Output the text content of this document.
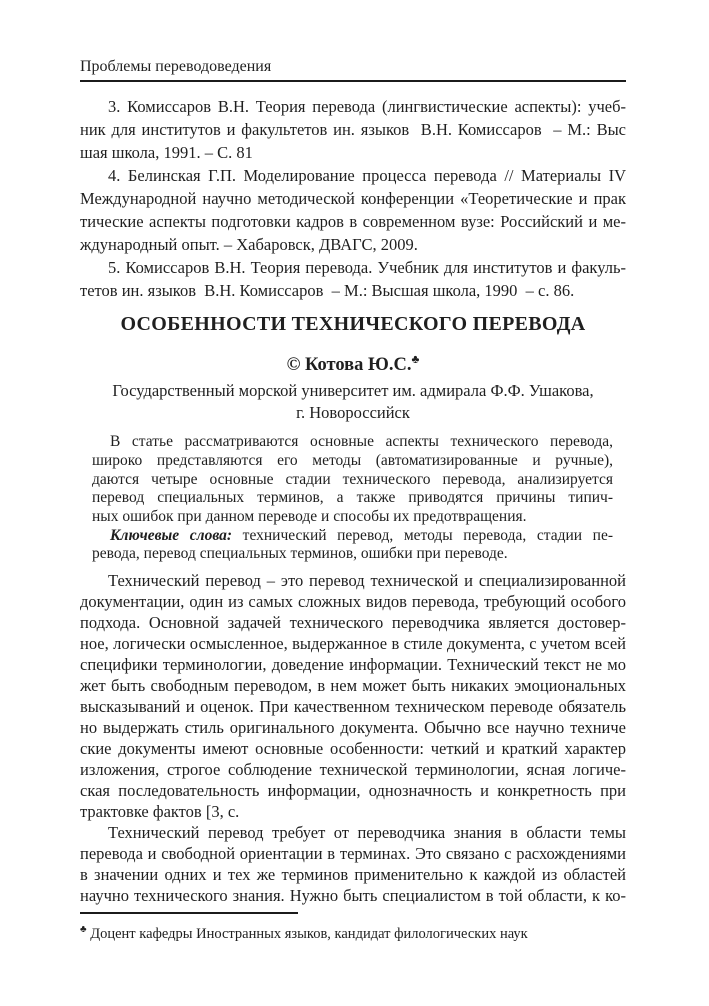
Проблемы переводоведения
3. Комиссаров В.Н. Теория перевода (лингвистические аспекты): учеб-
ник для институтов и факультетов ин. языков  В.Н. Комиссаров  – М.: Выс
шая школа, 1991. – С. 81
4. Белинская Г.П. Моделирование процесса перевода // Материалы IV
Международной научно методической конференции «Теоретические и прак
тические аспекты подготовки кадров в современном вузе: Российский и ме-
ждународный опыт. – Хабаровск, ДВАГС, 2009.
5. Комиссаров В.Н. Теория перевода. Учебник для институтов и факуль-
тетов ин. языков  В.Н. Комиссаров  – М.: Высшая школа, 1990  – с. 86.
ОСОБЕННОСТИ ТЕХНИЧЕСКОГО ПЕРЕВОДА
© Котова Ю.С.♣
Государственный морской университет им. адмирала Ф.Ф. Ушакова,
г. Новороссийск
В статье рассматриваются основные аспекты технического перевода,
широко представляются его методы (автоматизированные и ручные),
даются четыре основные стадии технического перевода, анализируется
перевод специальных терминов, а также приводятся причины типич-
ных ошибок при данном переводе и способы их предотвращения.
Ключевые слова: технический перевод, методы перевода, стадии пе-
ревода, перевод специальных терминов, ошибки при переводе.
Технический перевод – это перевод технической и специализированной
документации, один из самых сложных видов перевода, требующий особого
подхода. Основной задачей технического переводчика является достовер-
ное, логически осмысленное, выдержанное в стиле документа, с учетом всей
специфики терминологии, доведение информации. Технический текст не мо
жет быть свободным переводом, в нем может быть никаких эмоциональных
высказываний и оценок. При качественном техническом переводе обязатель
но выдержать стиль оригинального документа. Обычно все научно техниче
ские документы имеют основные особенности: четкий и краткий характер
изложения, строгое соблюдение технической терминологии, ясная логиче-
ская последовательность информации, однозначность и конкретность при
трактовке фактов [3, с.
Технический перевод требует от переводчика знания в области темы
перевода и свободной ориентации в терминах. Это связано с расхождениями
в значении одних и тех же терминов применительно к каждой из областей
научно технического знания. Нужно быть специалистом в той области, к ко-
♣ Доцент кафедры Иностранных языков, кандидат филологических наук
